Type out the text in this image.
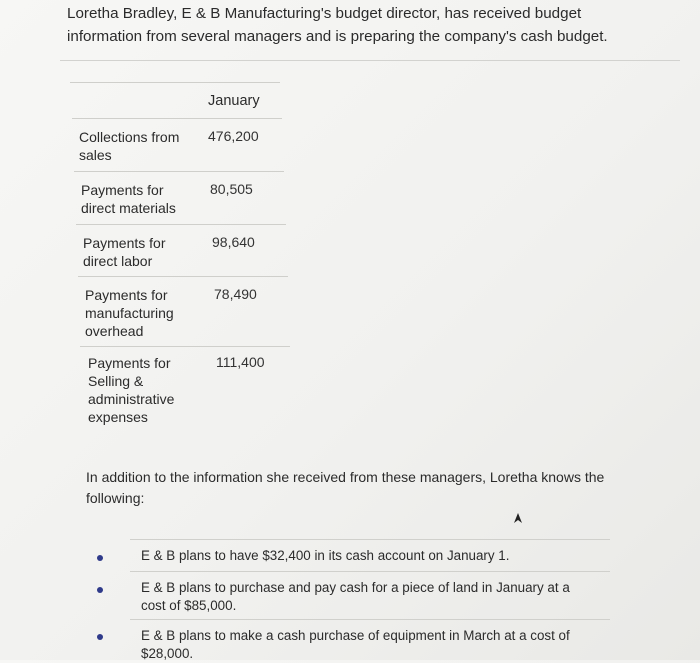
Loretha Bradley, E & B Manufacturing's budget director, has received budget information from several managers and is preparing the company's cash budget.

January
Collections from sales
476,200
Payments for direct materials
80,505
Payments for direct labor
98,640
Payments for manufacturing overhead
78,490
Payments for Selling & administrative expenses
111,400

In addition to the information she received from these managers, Loretha knows the following:

E & B plans to have $32,400 in its cash account on January 1.
E & B plans to purchase and pay cash for a piece of land in January at a cost of $85,000.
E & B plans to make a cash purchase of equipment in March at a cost of $28,000.
